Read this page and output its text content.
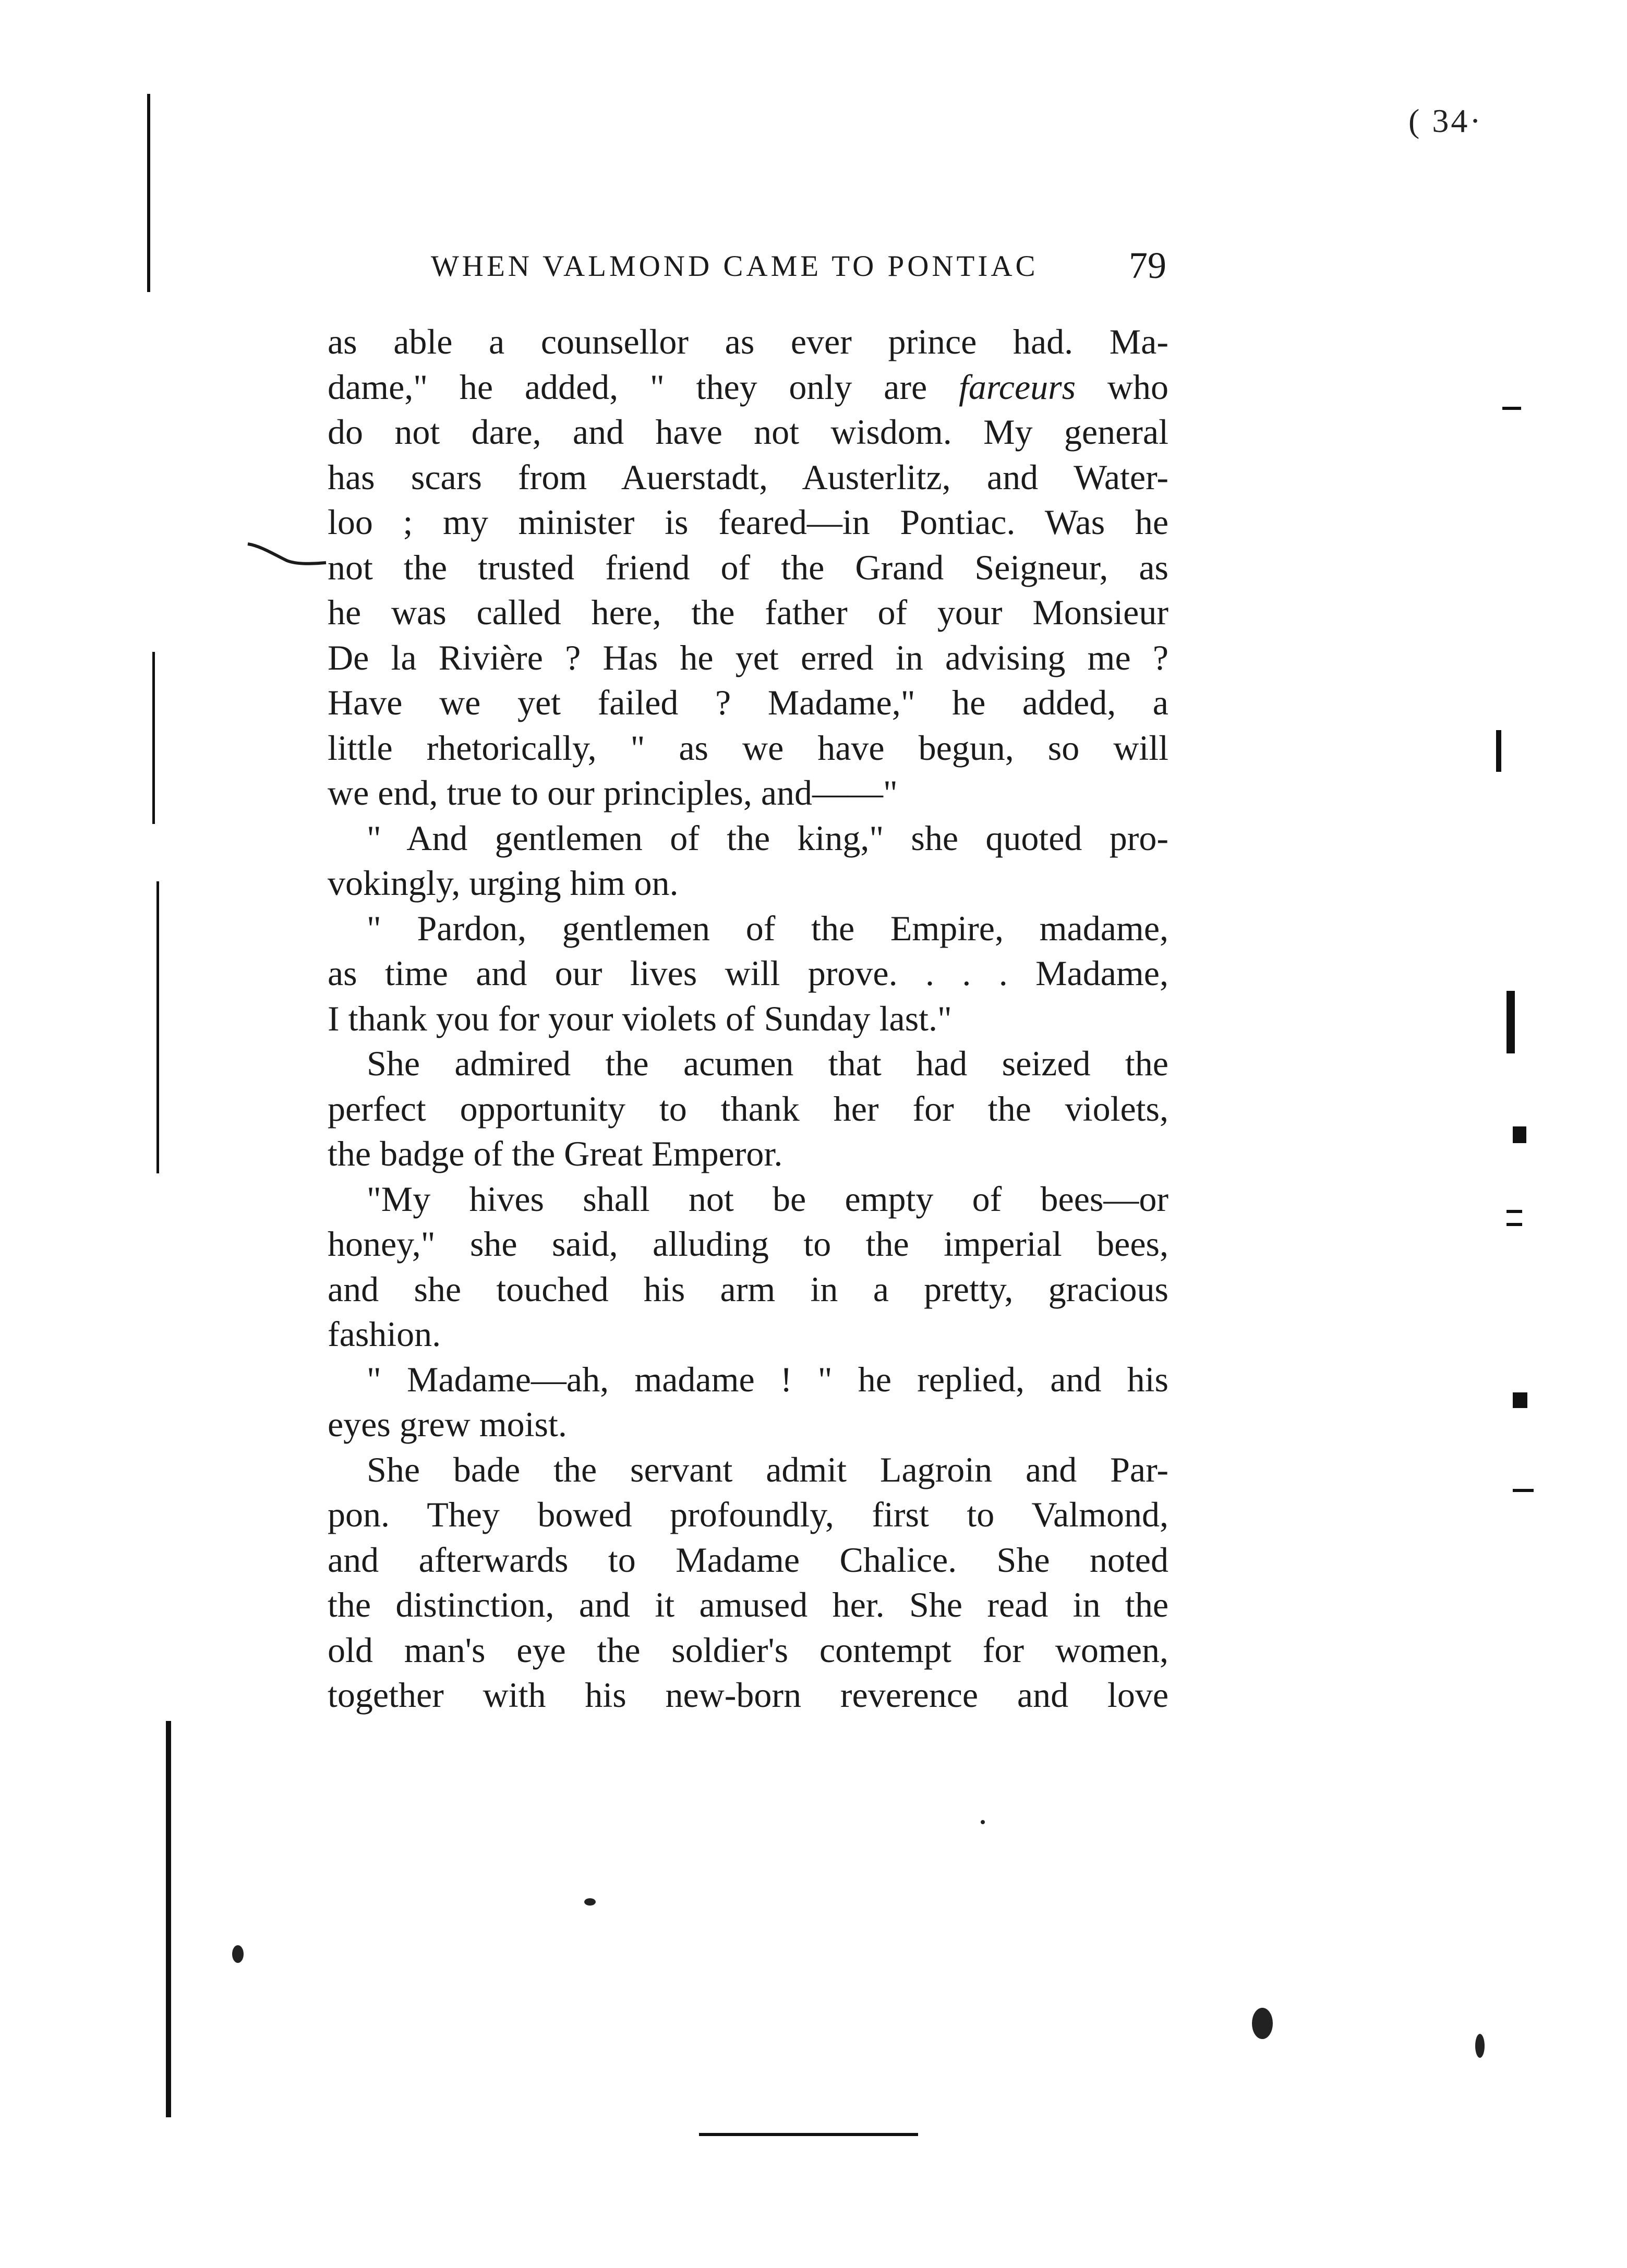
( 34·
WHEN VALMOND CAME TO PONTIAC 79
as able a counsellor as ever prince had. Ma-
dame," he added, " they only are farceurs who
do not dare, and have not wisdom. My general
has scars from Auerstadt, Austerlitz, and Water-
loo ; my minister is feared—in Pontiac. Was he
not the trusted friend of the Grand Seigneur, as
he was called here, the father of your Monsieur
De la Rivière ? Has he yet erred in advising me ?
Have we yet failed ? Madame," he added, a
little rhetorically, " as we have begun, so will
we end, true to our principles, and——"
" And gentlemen of the king," she quoted pro-
vokingly, urging him on.
" Pardon, gentlemen of the Empire, madame,
as time and our lives will prove. . . . Madame,
I thank you for your violets of Sunday last."
She admired the acumen that had seized the
perfect opportunity to thank her for the violets,
the badge of the Great Emperor.
"My hives shall not be empty of bees—or
honey," she said, alluding to the imperial bees,
and she touched his arm in a pretty, gracious
fashion.
" Madame—ah, madame ! " he replied, and his
eyes grew moist.
She bade the servant admit Lagroin and Par-
pon. They bowed profoundly, first to Valmond,
and afterwards to Madame Chalice. She noted
the distinction, and it amused her. She read in the
old man's eye the soldier's contempt for women,
together with his new-born reverence and love
